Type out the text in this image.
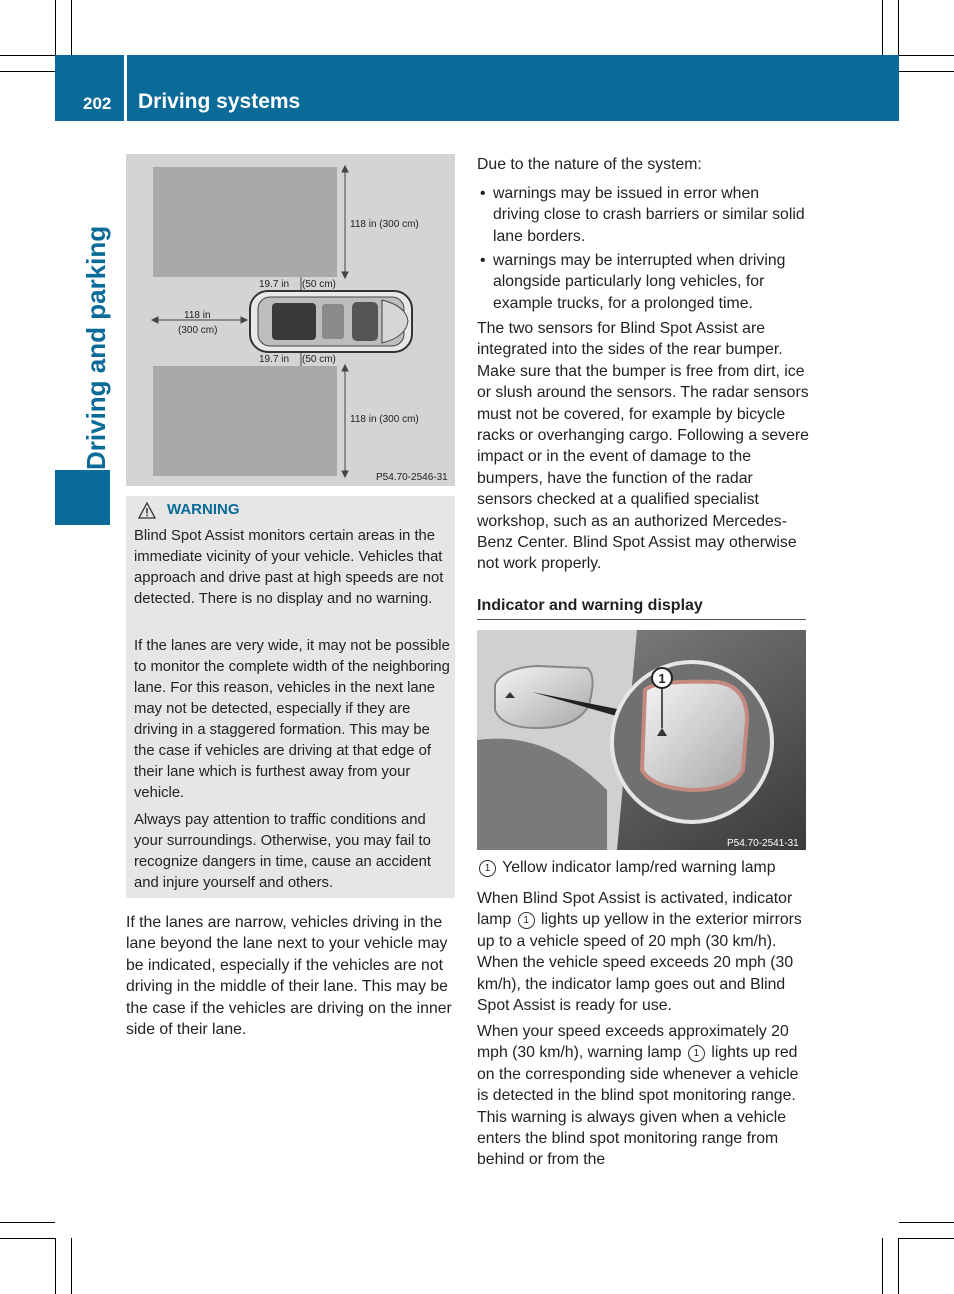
202 Driving systems
Driving and parking
118 in (300 cm)
118 in (300 cm)
118 in
(300 cm)
19.7 in (50 cm)
19.7 in (50 cm)
P54.70-2546-31
WARNING

Blind Spot Assist monitors certain areas in the immediate vicinity of your vehicle. Vehicles that approach and drive past at high speeds are not detected. There is no display and no warning.

If the lanes are very wide, it may not be possible to monitor the complete width of the neighboring lane. For this reason, vehicles in the next lane may not be detected, especially if they are driving in a staggered formation. This may be the case if vehicles are driving at that edge of their lane which is furthest away from your vehicle.

Always pay attention to traffic conditions and your surroundings. Otherwise, you may fail to recognize dangers in time, cause an accident and injure yourself and others.

If the lanes are narrow, vehicles driving in the lane beyond the lane next to your vehicle may be indicated, especially if the vehicles are not driving in the middle of their lane. This may be the case if the vehicles are driving on the inner side of their lane.

Due to the nature of the system:

• warnings may be issued in error when driving close to crash barriers or similar solid lane borders.

• warnings may be interrupted when driving alongside particularly long vehicles, for example trucks, for a prolonged time.

The two sensors for Blind Spot Assist are integrated into the sides of the rear bumper. Make sure that the bumper is free from dirt, ice or slush around the sensors. The radar sensors must not be covered, for example by bicycle racks or overhanging cargo. Following a severe impact or in the event of damage to the bumpers, have the function of the radar sensors checked at a qualified specialist workshop, such as an authorized Mercedes-Benz Center. Blind Spot Assist may otherwise not work properly.

Indicator and warning display
1
P54.70-2541-31
1 Yellow indicator lamp/red warning lamp

When Blind Spot Assist is activated, indicator lamp 1 lights up yellow in the exterior mirrors up to a vehicle speed of 20 mph (30 km/h). When the vehicle speed exceeds 20 mph (30 km/h), the indicator lamp goes out and Blind Spot Assist is ready for use.

When your speed exceeds approximately 20 mph (30 km/h), warning lamp 1 lights up red on the corresponding side whenever a vehicle is detected in the blind spot monitoring range. This warning is always given when a vehicle enters the blind spot monitoring range from behind or from the
